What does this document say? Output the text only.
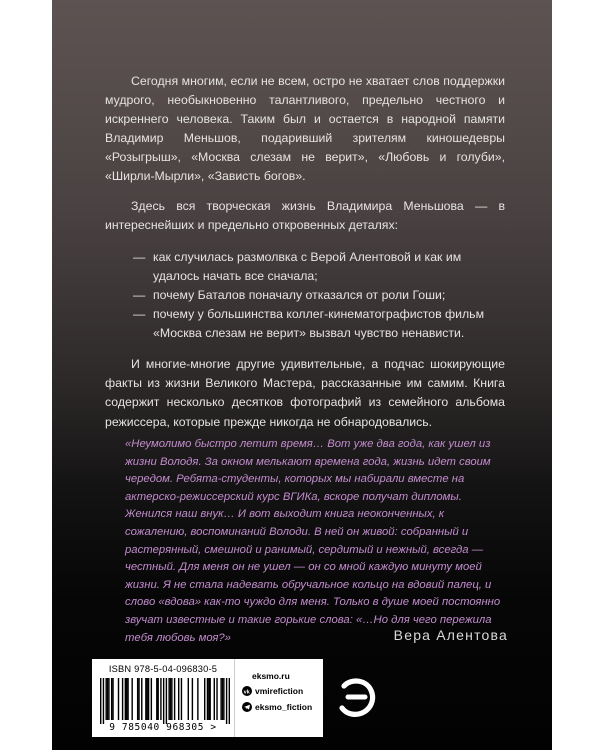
Сегодня многим, если не всем, остро не хватает слов поддержки мудрого, необыкновенно талантливого, предельно честного и искреннего человека. Таким был и остается в народной памяти Владимир Меньшов, подаривший зрителям киношедевры «Розыгрыш», «Москва слезам не верит», «Любовь и голуби», «Ширли-Мырли», «Зависть богов».

Здесь вся творческая жизнь Владимира Меньшова — в интереснейших и предельно откровенных деталях:

— как случилась размолвка с Верой Алентовой и как им удалось начать все сначала;
— почему Баталов поначалу отказался от роли Гоши;
— почему у большинства коллег-кинематографистов фильм «Москва слезам не верит» вызвал чувство ненависти.

И многие-многие другие удивительные, а подчас шокирующие факты из жизни Великого Мастера, рассказанные им самим. Книга содержит несколько десятков фотографий из семейного альбома режиссера, которые прежде никогда не обнародовались.

«Неумолимо быстро летит время… Вот уже два года, как ушел из жизни Володя. За окном мелькают времена года, жизнь идет своим чередом. Ребята-студенты, которых мы набирали вместе на актерско-режиссерский курс ВГИКа, вскоре получат дипломы. Женился наш внук… И вот выходит книга неоконченных, к сожалению, воспоминаний Володи. В ней он живой: собранный и растерянный, смешной и ранимый, сердитый и нежный, всегда — честный. Для меня он не ушел — он со мной каждую минуту моей жизни. Я не стала надевать обручальное кольцо на вдовий палец, и слово «вдова» как-то чуждо для меня. Только в душе моей постоянно звучат известные и такие горькие слова: «…Но для чего пережила тебя любовь моя?»	Вера Алентова
ISBN 978-5-04-096830-5
9 785040 968305 >
eksmo.ru
vk vmirefiction
eksmo_fiction
